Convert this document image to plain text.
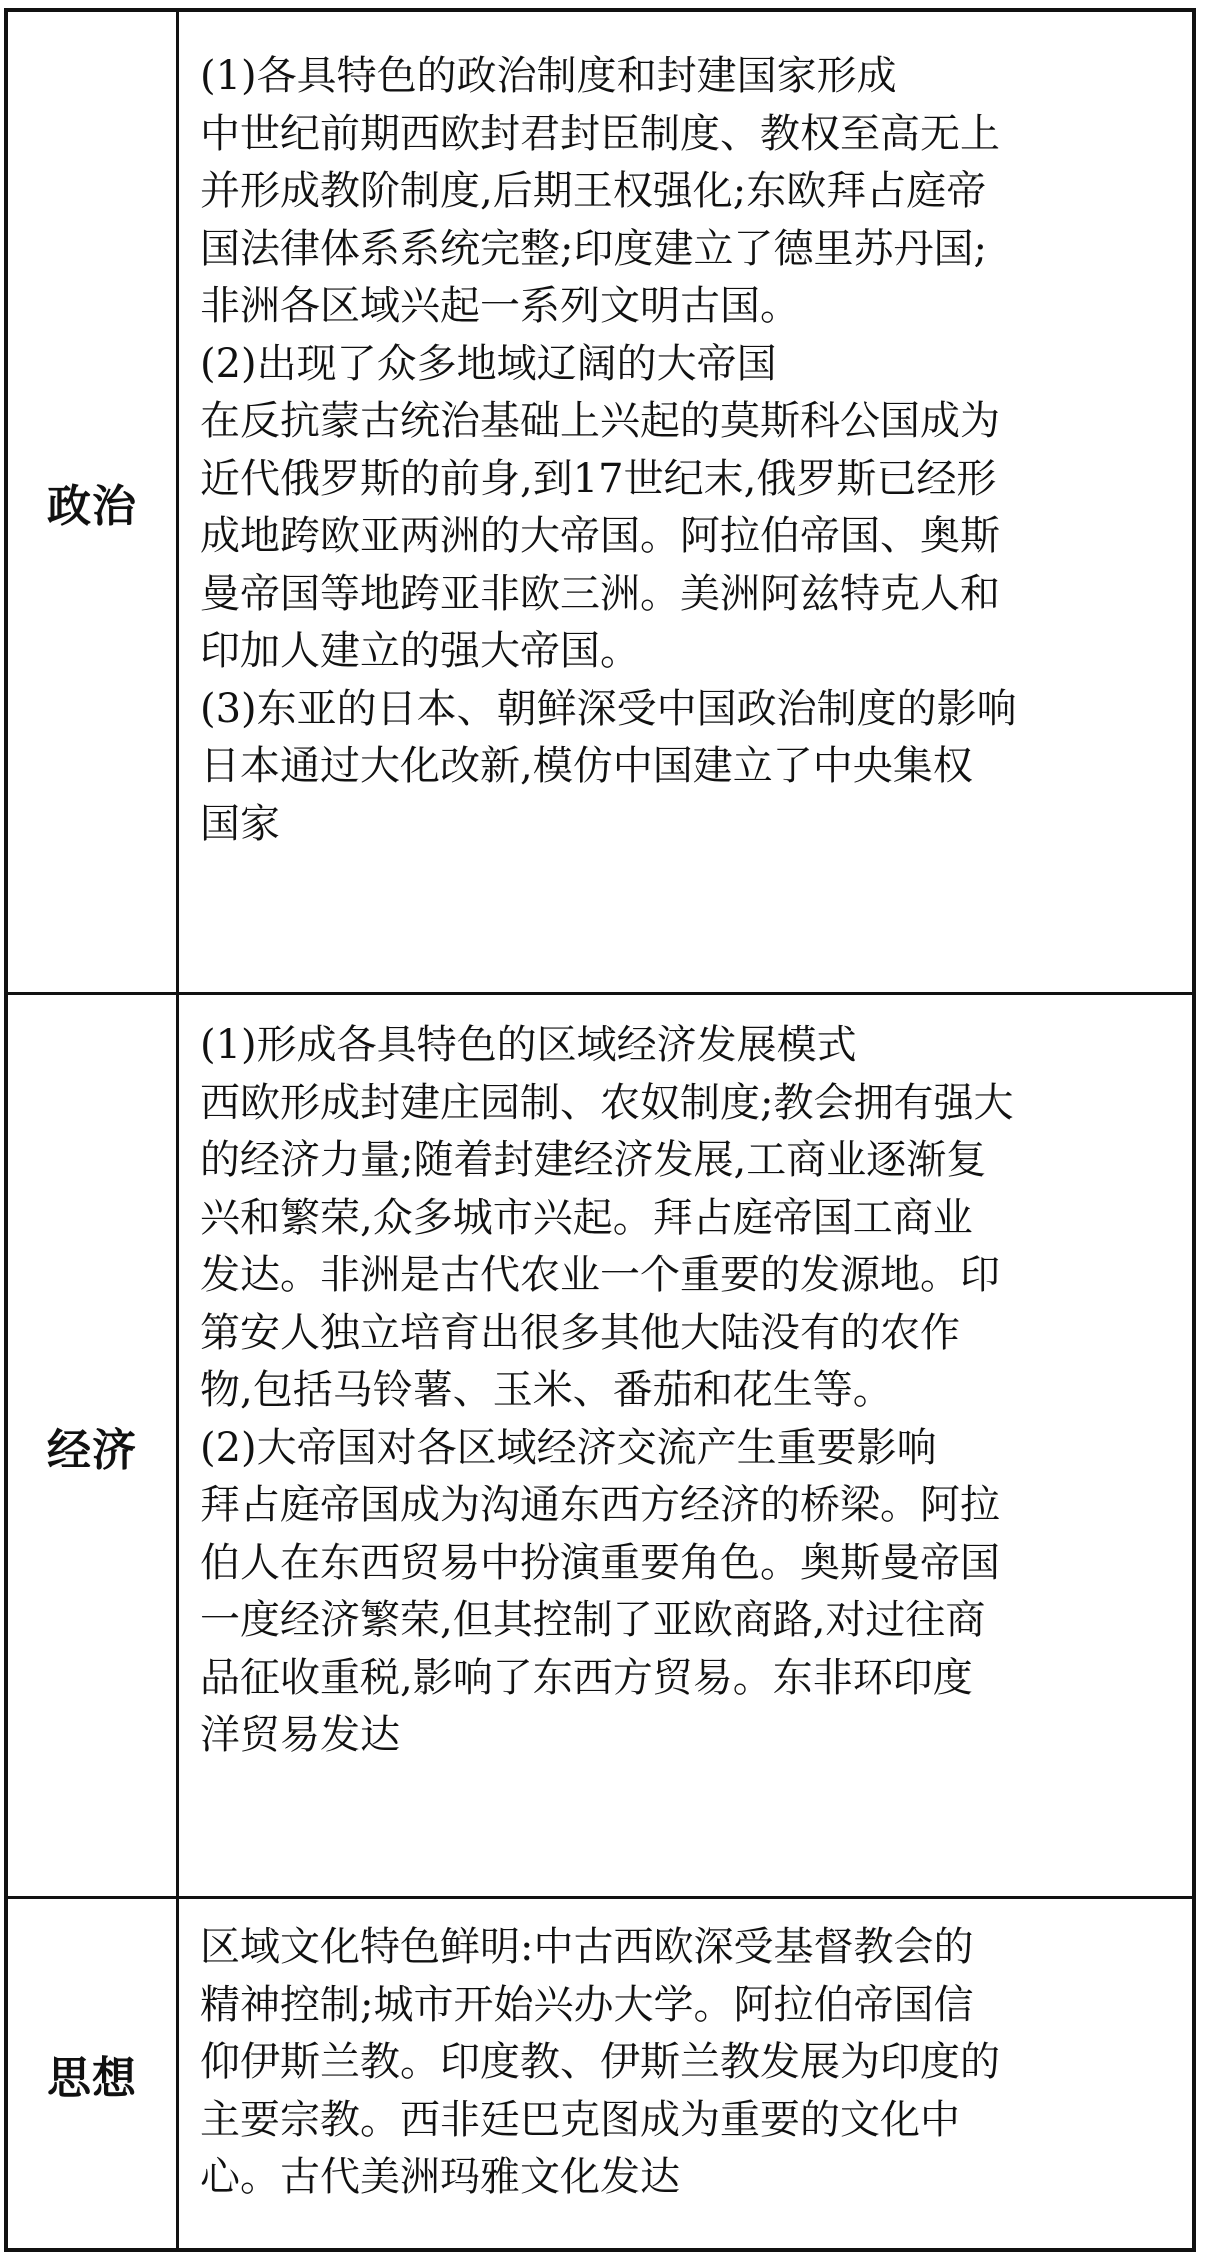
政治
(1)各具特色的政治制度和封建国家形成
中世纪前期西欧封君封臣制度、教权至高无上
并形成教阶制度,后期王权强化;东欧拜占庭帝
国法律体系系统完整;印度建立了德里苏丹国;
非洲各区域兴起一系列文明古国。
(2)出现了众多地域辽阔的大帝国
在反抗蒙古统治基础上兴起的莫斯科公国成为
近代俄罗斯的前身,到17世纪末,俄罗斯已经形
成地跨欧亚两洲的大帝国。阿拉伯帝国、奥斯
曼帝国等地跨亚非欧三洲。美洲阿兹特克人和
印加人建立的强大帝国。
(3)东亚的日本、朝鲜深受中国政治制度的影响
日本通过大化改新,模仿中国建立了中央集权
国家
经济
(1)形成各具特色的区域经济发展模式
西欧形成封建庄园制、农奴制度;教会拥有强大
的经济力量;随着封建经济发展,工商业逐渐复
兴和繁荣,众多城市兴起。拜占庭帝国工商业
发达。非洲是古代农业一个重要的发源地。印
第安人独立培育出很多其他大陆没有的农作
物,包括马铃薯、玉米、番茄和花生等。
(2)大帝国对各区域经济交流产生重要影响
拜占庭帝国成为沟通东西方经济的桥梁。阿拉
伯人在东西贸易中扮演重要角色。奥斯曼帝国
一度经济繁荣,但其控制了亚欧商路,对过往商
品征收重税,影响了东西方贸易。东非环印度
洋贸易发达
思想
区域文化特色鲜明:中古西欧深受基督教会的
精神控制;城市开始兴办大学。阿拉伯帝国信
仰伊斯兰教。印度教、伊斯兰教发展为印度的
主要宗教。西非廷巴克图成为重要的文化中
心。古代美洲玛雅文化发达
